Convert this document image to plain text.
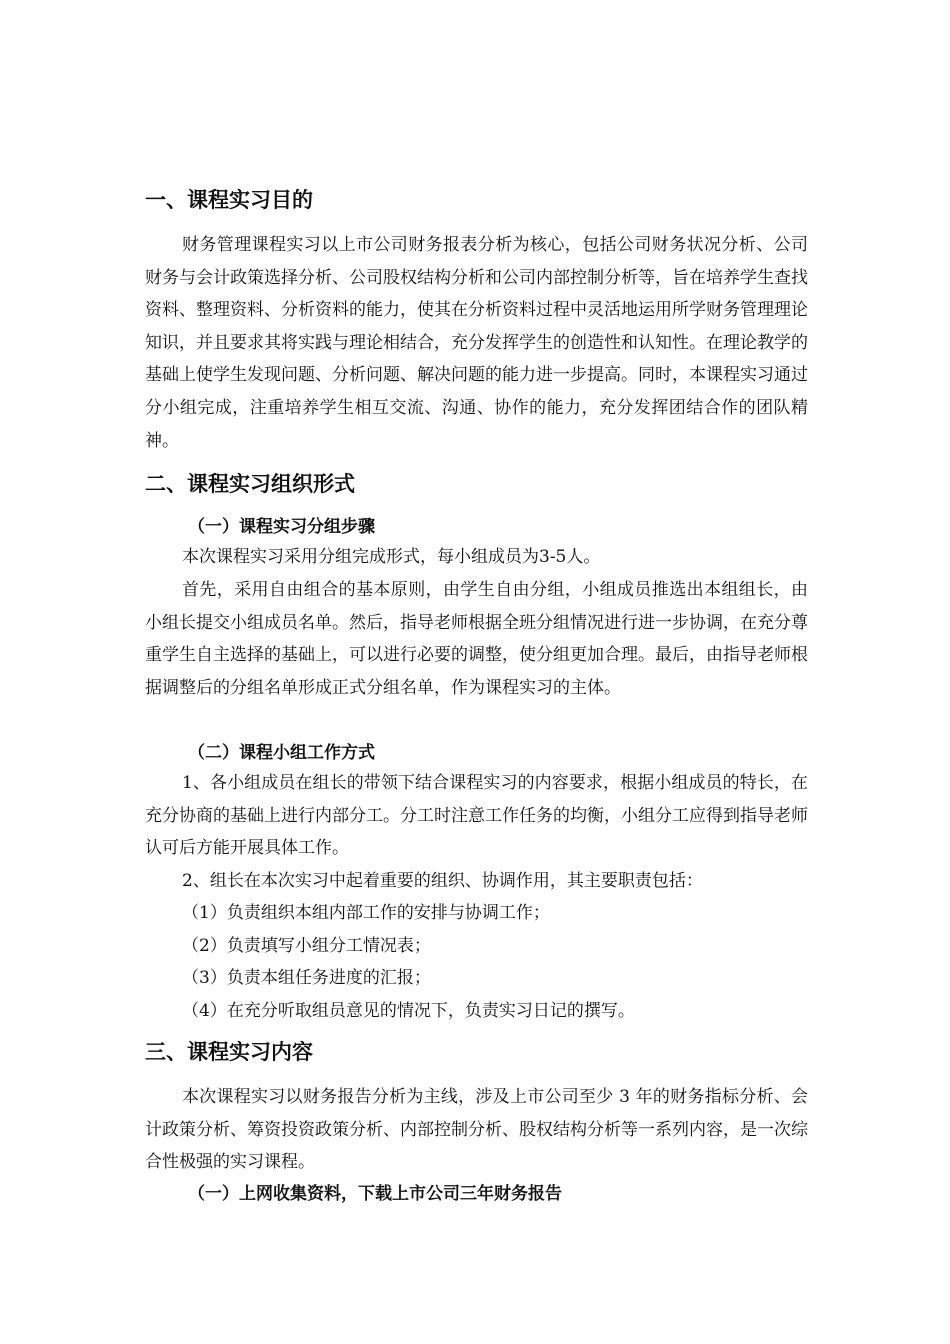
一、课程实习目的
财务管理课程实习以上市公司财务报表分析为核心，包括公司财务状况分析、公司财务与会计政策选择分析、公司股权结构分析和公司内部控制分析等，旨在培养学生查找资料、整理资料、分析资料的能力，使其在分析资料过程中灵活地运用所学财务管理理论知识，并且要求其将实践与理论相结合，充分发挥学生的创造性和认知性。在理论教学的基础上使学生发现问题、分析问题、解决问题的能力进一步提高。同时，本课程实习通过分小组完成，注重培养学生相互交流、沟通、协作的能力，充分发挥团结合作的团队精神。
二、课程实习组织形式
（一）课程实习分组步骤
本次课程实习采用分组完成形式，每小组成员为3-5人。
首先，采用自由组合的基本原则，由学生自由分组，小组成员推选出本组组长，由小组长提交小组成员名单。然后，指导老师根据全班分组情况进行进一步协调，在充分尊重学生自主选择的基础上，可以进行必要的调整，使分组更加合理。最后，由指导老师根据调整后的分组名单形成正式分组名单，作为课程实习的主体。
（二）课程小组工作方式
1、各小组成员在组长的带领下结合课程实习的内容要求，根据小组成员的特长，在充分协商的基础上进行内部分工。分工时注意工作任务的均衡，小组分工应得到指导老师认可后方能开展具体工作。
2、组长在本次实习中起着重要的组织、协调作用，其主要职责包括：
（1）负责组织本组内部工作的安排与协调工作；
（2）负责填写小组分工情况表；
（3）负责本组任务进度的汇报；
（4）在充分听取组员意见的情况下，负责实习日记的撰写。
三、课程实习内容
本次课程实习以财务报告分析为主线，涉及上市公司至少 3 年的财务指标分析、会计政策分析、筹资投资政策分析、内部控制分析、股权结构分析等一系列内容，是一次综合性极强的实习课程。
（一）上网收集资料，下载上市公司三年财务报告
